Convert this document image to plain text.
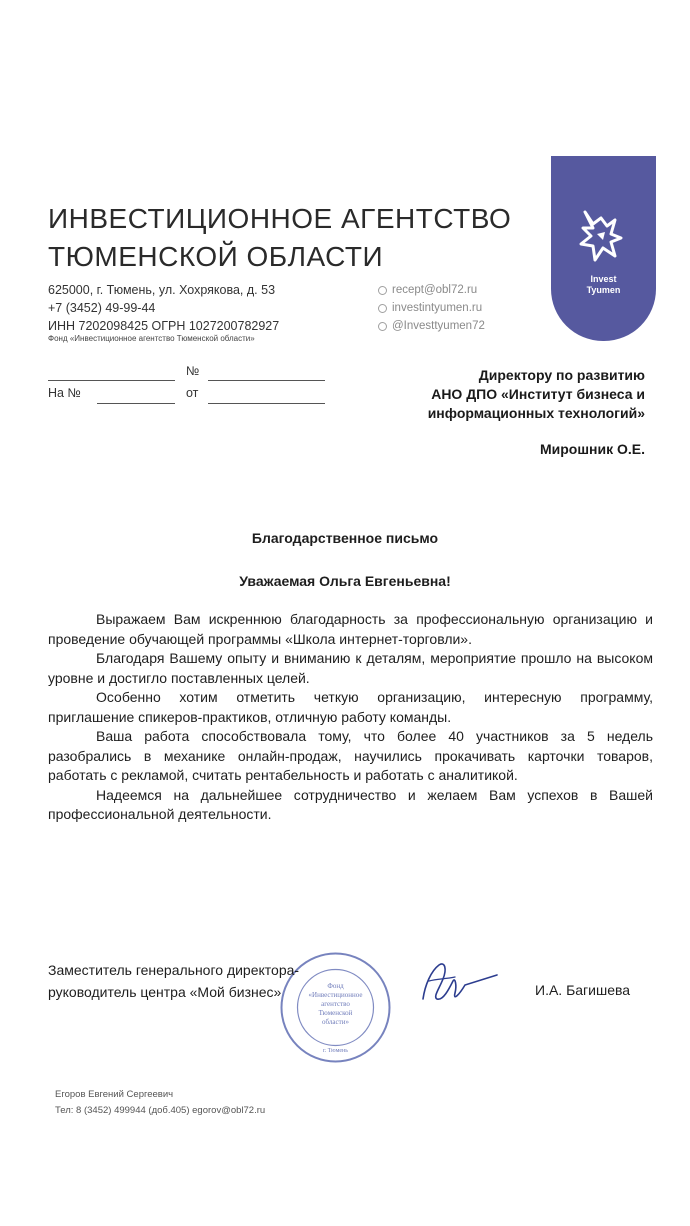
ИНВЕСТИЦИОННОЕ АГЕНТСТВО
ТЮМЕНСКОЙ ОБЛАСТИ
625000, г. Тюмень, ул. Хохрякова, д. 53
+7 (3452) 49-99-44
ИНН 7202098425 ОГРН 1027200782927
Фонд «Инвестиционное агентство Тюменской области»
recept@obl72.ru
investintyumen.ru
@Investtyumen72
Invest
Tyumen
№
На №	от
Директору по развитию
АНО ДПО «Институт бизнеса и
информационных технологий»
Мирошник О.Е.
Благодарственное письмо
Уважаемая Ольга Евгеньевна!

Выражаем Вам искреннюю благодарность за профессиональную организацию и проведение обучающей программы «Школа интернет-торговли».

Благодаря Вашему опыту и вниманию к деталям, мероприятие прошло на высоком уровне и достигло поставленных целей.

Особенно хотим отметить четкую организацию, интересную программу, приглашение спикеров-практиков, отличную работу команды.

Ваша работа способствовала тому, что более 40 участников за 5 недель разобрались в механике онлайн-продаж, научились прокачивать карточки товаров, работать с рекламой, считать рентабельность и работать с аналитикой.

Надеемся на дальнейшее сотрудничество и желаем Вам успехов в Вашей профессиональной деятельности.

Фонд
«Инвестиционное
агентство
Тюменской
области»
г. Тюмень
Заместитель генерального директора-
руководитель центра «Мой бизнес»	И.А. Багишева
Егоров Евгений Сергеевич
Тел: 8 (3452) 499944 (доб.405) egorov@obl72.ru
